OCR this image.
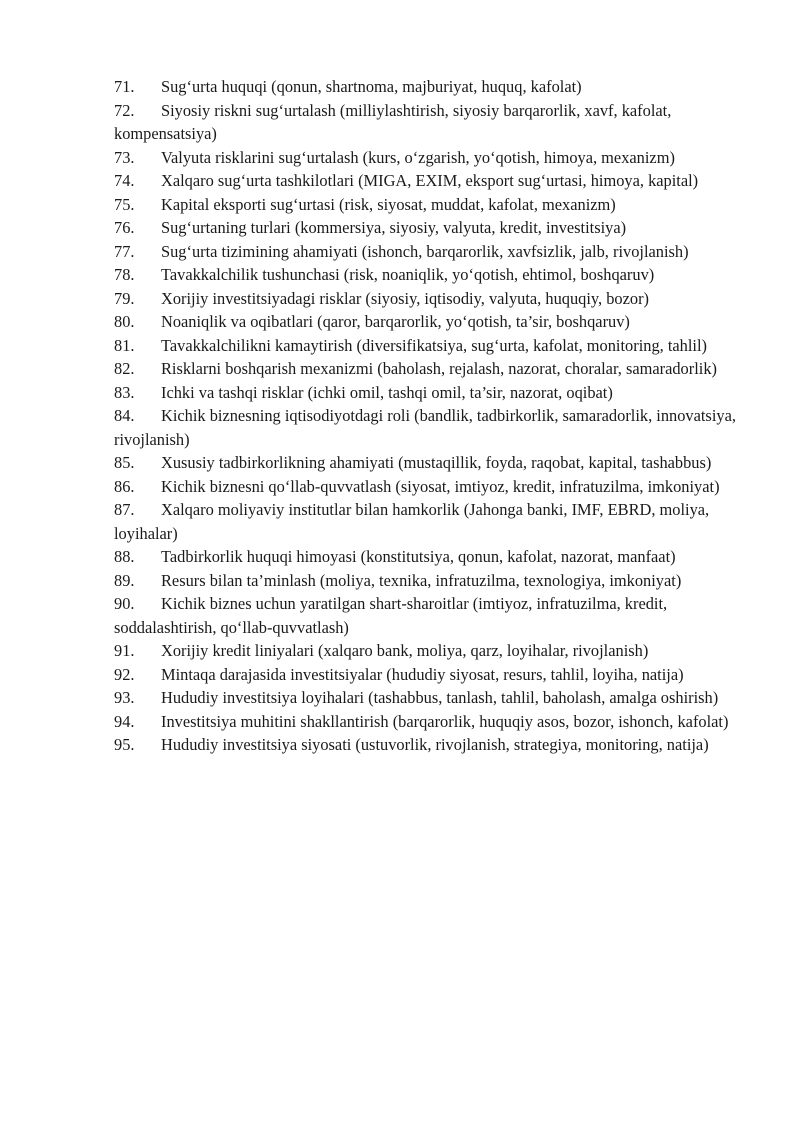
71. Sug‘urta huquqi (qonun, shartnoma, majburiyat, huquq, kafolat)
72. Siyosiy riskni sug‘urtalash (milliylashtirish, siyosiy barqarorlik, xavf, kafolat, kompensatsiya)
73. Valyuta risklarini sug‘urtalash (kurs, o‘zgarish, yo‘qotish, himoya, mexanizm)
74. Xalqaro sug‘urta tashkilotlari (MIGA, EXIM, eksport sug‘urtasi, himoya, kapital)
75. Kapital eksporti sug‘urtasi (risk, siyosat, muddat, kafolat, mexanizm)
76. Sug‘urtaning turlari (kommersiya, siyosiy, valyuta, kredit, investitsiya)
77. Sug‘urta tizimining ahamiyati (ishonch, barqarorlik, xavfsizlik, jalb, rivojlanish)
78. Tavakkalchilik tushunchasi (risk, noaniqlik, yo‘qotish, ehtimol, boshqaruv)
79. Xorijiy investitsiyadagi risklar (siyosiy, iqtisodiy, valyuta, huquqiy, bozor)
80. Noaniqlik va oqibatlari (qaror, barqarorlik, yo‘qotish, ta’sir, boshqaruv)
81. Tavakkalchilikni kamaytirish (diversifikatsiya, sug‘urta, kafolat, monitoring, tahlil)
82. Risklarni boshqarish mexanizmi (baholash, rejalash, nazorat, choralar, samaradorlik)
83. Ichki va tashqi risklar (ichki omil, tashqi omil, ta’sir, nazorat, oqibat)
84. Kichik biznesning iqtisodiyotdagi roli (bandlik, tadbirkorlik, samaradorlik, innovatsiya, rivojlanish)
85. Xususiy tadbirkorlikning ahamiyati (mustaqillik, foyda, raqobat, kapital, tashabbus)
86. Kichik biznesni qo‘llab-quvvatlash (siyosat, imtiyoz, kredit, infratuzilma, imkoniyat)
87. Xalqaro moliyaviy institutlar bilan hamkorlik (Jahonga banki, IMF, EBRD, moliya, loyihalar)
88. Tadbirkorlik huquqi himoyasi (konstitutsiya, qonun, kafolat, nazorat, manfaat)
89. Resurs bilan ta’minlash (moliya, texnika, infratuzilma, texnologiya, imkoniyat)
90. Kichik biznes uchun yaratilgan shart-sharoitlar (imtiyoz, infratuzilma, kredit, soddalashtirish, qo‘llab-quvvatlash)
91. Xorijiy kredit liniyalari (xalqaro bank, moliya, qarz, loyihalar, rivojlanish)
92. Mintaqa darajasida investitsiyalar (hududiy siyosat, resurs, tahlil, loyiha, natija)
93. Hududiy investitsiya loyihalari (tashabbus, tanlash, tahlil, baholash, amalga oshirish)
94. Investitsiya muhitini shakllantirish (barqarorlik, huquqiy asos, bozor, ishonch, kafolat)
95. Hududiy investitsiya siyosati (ustuvorlik, rivojlanish, strategiya, monitoring, natija)
